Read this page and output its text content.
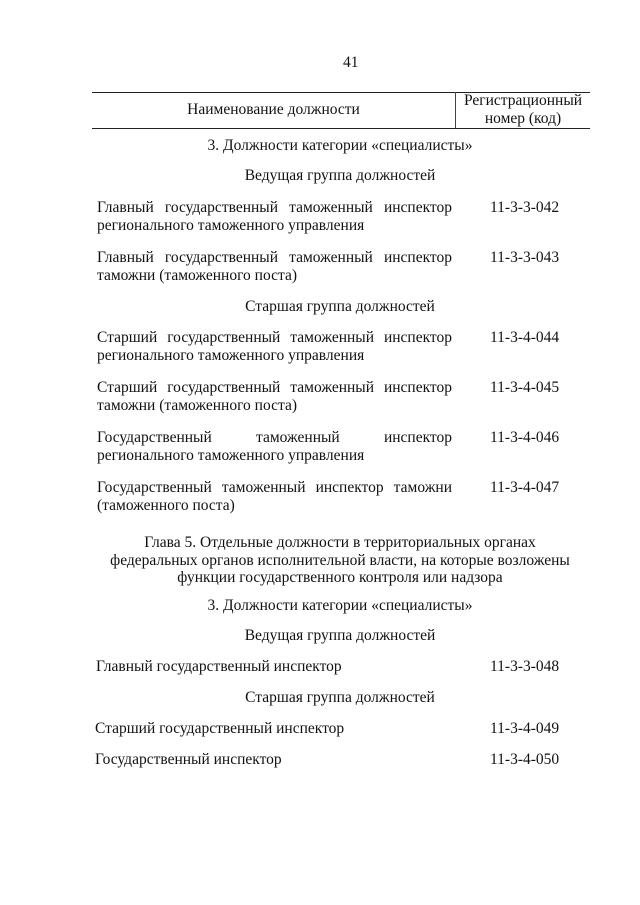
41
Наименование должности
Регистрационный
номер (код)
3. Должности категории «специалисты»
Ведущая группа должностей
Главный государственный таможенный инспектор
регионального таможенного управления
11-3-3-042
Главный государственный таможенный инспектор
таможни (таможенного поста)
11-3-3-043
Старшая группа должностей
Старший государственный таможенный инспектор
регионального таможенного управления
11-3-4-044
Старший государственный таможенный инспектор
таможни (таможенного поста)
11-3-4-045
Государственный таможенный инспектор
регионального таможенного управления
11-3-4-046
Государственный таможенный инспектор таможни
(таможенного поста)
11-3-4-047
Глава 5. Отдельные должности в территориальных органах
федеральных органов исполнительной власти, на которые возложены
функции государственного контроля или надзора
3. Должности категории «специалисты»
Ведущая группа должностей
Главный государственный инспектор	11-3-3-048
Старшая группа должностей
Старший государственный инспектор	11-3-4-049
Государственный инспектор	11-3-4-050
